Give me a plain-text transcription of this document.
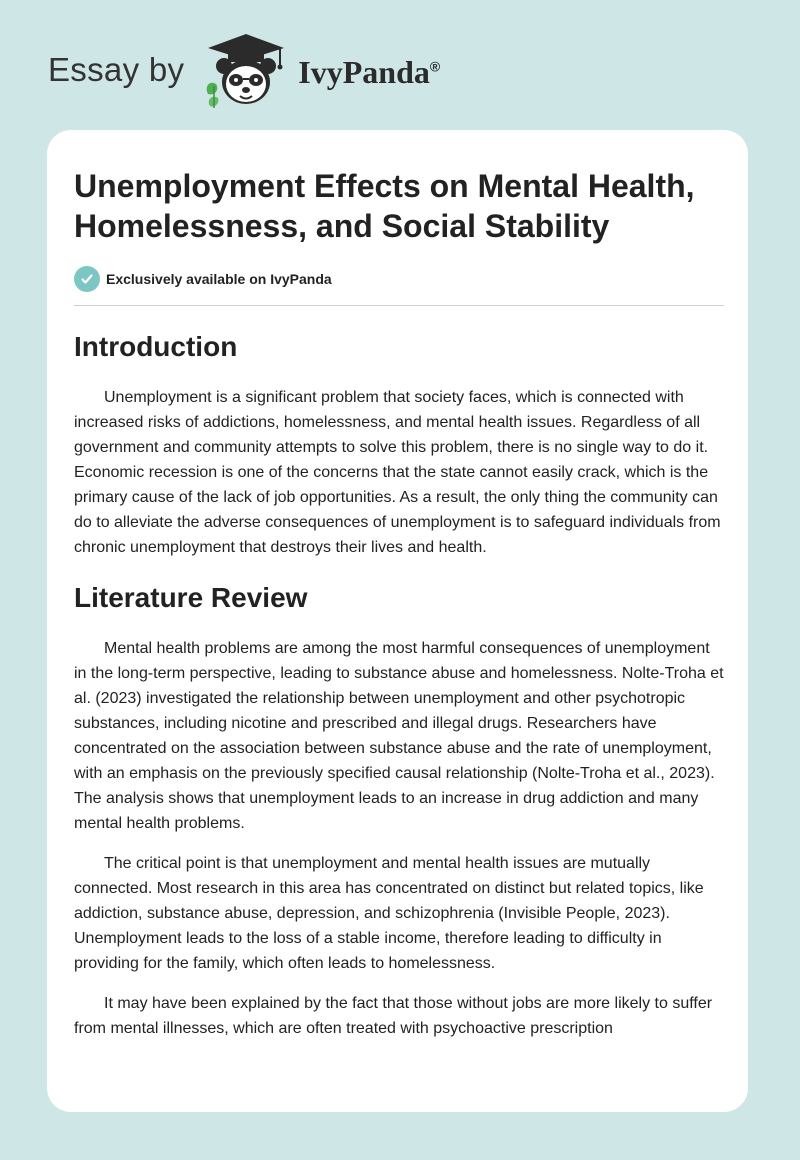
Essay by	IvyPanda®
Unemployment Effects on Mental Health, Homelessness, and Social Stability
Exclusively available on IvyPanda
Introduction

Unemployment is a significant problem that society faces, which is connected with increased risks of addictions, homelessness, and mental health issues. Regardless of all government and community attempts to solve this problem, there is no single way to do it. Economic recession is one of the concerns that the state cannot easily crack, which is the primary cause of the lack of job opportunities. As a result, the only thing the community can do to alleviate the adverse consequences of unemployment is to safeguard individuals from chronic unemployment that destroys their lives and health.

Literature Review

Mental health problems are among the most harmful consequences of unemployment in the long-term perspective, leading to substance abuse and homelessness. Nolte-Troha et al. (2023) investigated the relationship between unemployment and other psychotropic substances, including nicotine and prescribed and illegal drugs. Researchers have concentrated on the association between substance abuse and the rate of unemployment, with an emphasis on the previously specified causal relationship (Nolte-Troha et al., 2023). The analysis shows that unemployment leads to an increase in drug addiction and many mental health problems.

The critical point is that unemployment and mental health issues are mutually connected. Most research in this area has concentrated on distinct but related topics, like addiction, substance abuse, depression, and schizophrenia (Invisible People, 2023). Unemployment leads to the loss of a stable income, therefore leading to difficulty in providing for the family, which often leads to homelessness.

It may have been explained by the fact that those without jobs are more likely to suffer from mental illnesses, which are often treated with psychoactive prescription
